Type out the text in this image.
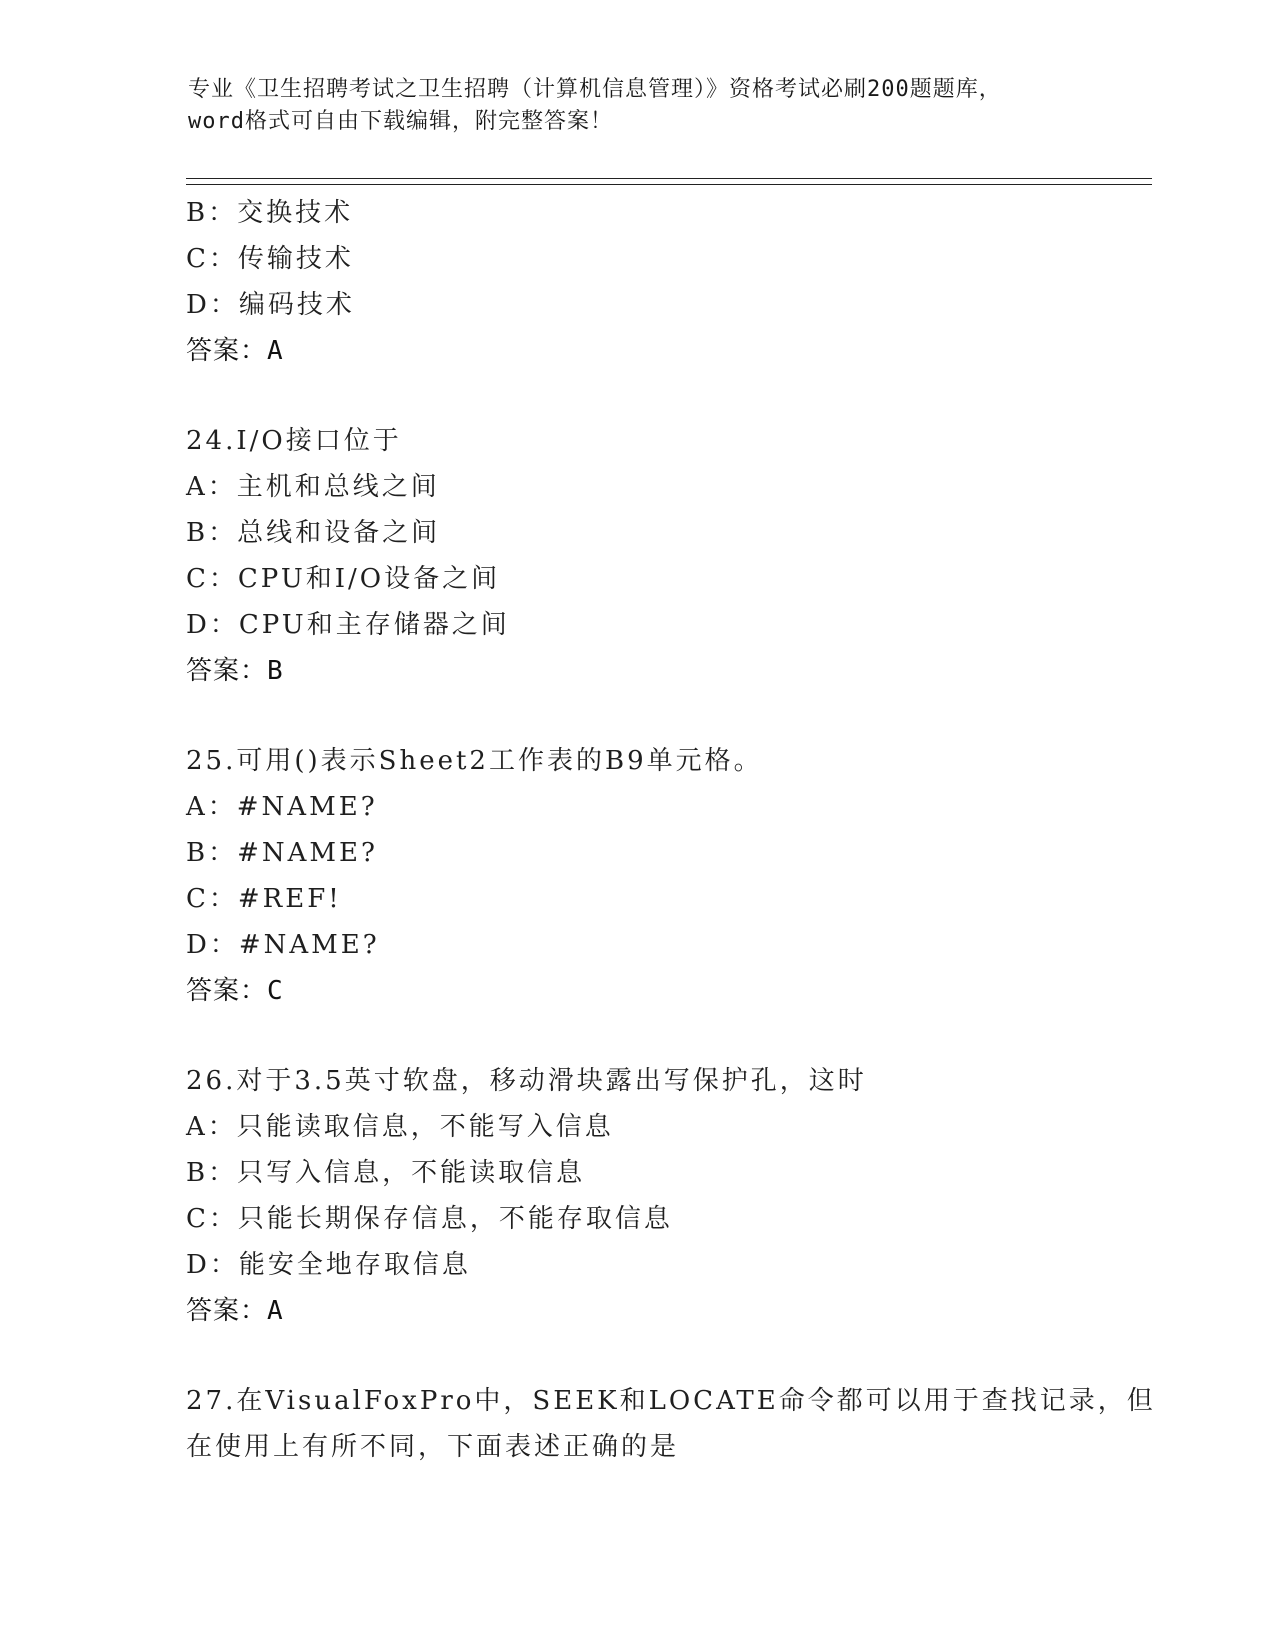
专业《卫生招聘考试之卫生招聘（计算机信息管理）》资格考试必刷200题题库，
word格式可自由下载编辑，附完整答案！
B：交换技术
C：传输技术
D：编码技术
答案：A
24.I/O接口位于
A：主机和总线之间
B：总线和设备之间
C：CPU和I/O设备之间
D：CPU和主存储器之间
答案：B
25.可用()表示Sheet2工作表的B9单元格。
A：#NAME?
B：#NAME?
C：#REF!
D：#NAME?
答案：C
26.对于3.5英寸软盘，移动滑块露出写保护孔，这时
A：只能读取信息，不能写入信息
B：只写入信息，不能读取信息
C：只能长期保存信息，不能存取信息
D：能安全地存取信息
答案：A
27.在VisualFoxPro中，SEEK和LOCATE命令都可以用于查找记录，但
在使用上有所不同，下面表述正确的是
